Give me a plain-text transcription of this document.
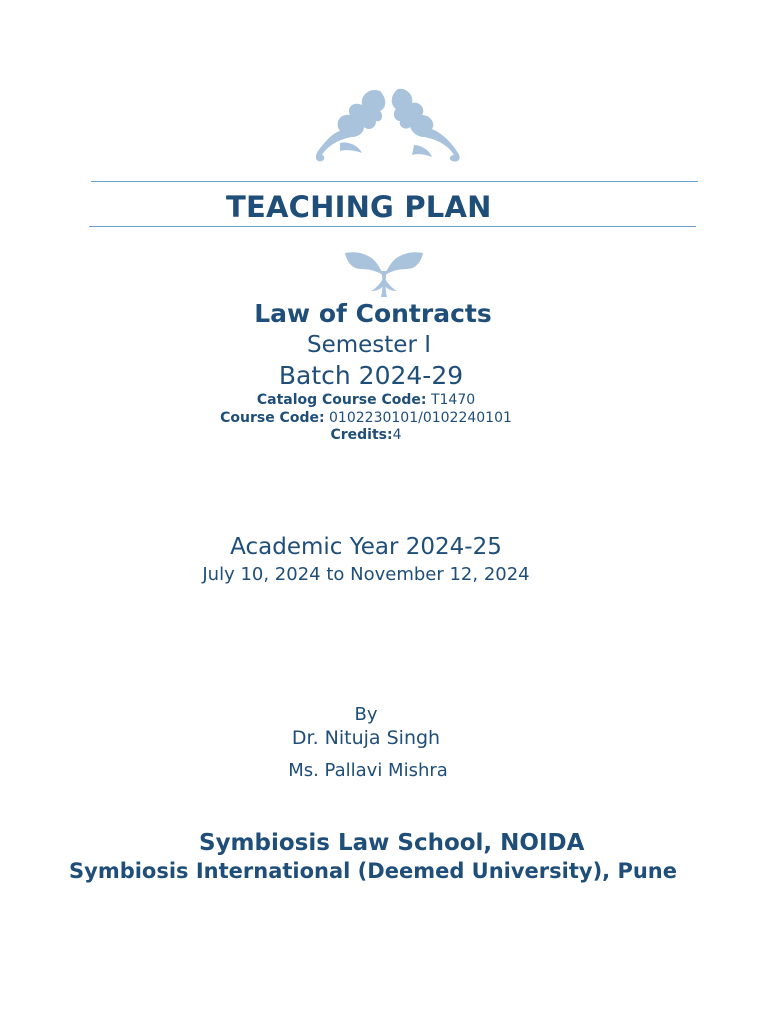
TEACHING PLAN
Law of Contracts
Semester I
Batch 2024-29
Catalog Course Code: T1470
Course Code: 0102230101/0102240101
Credits:4
Academic Year 2024-25
July 10, 2024 to November 12, 2024
By
Dr. Nituja Singh
Ms. Pallavi Mishra
Symbiosis Law School, NOIDA
Symbiosis International (Deemed University), Pune
